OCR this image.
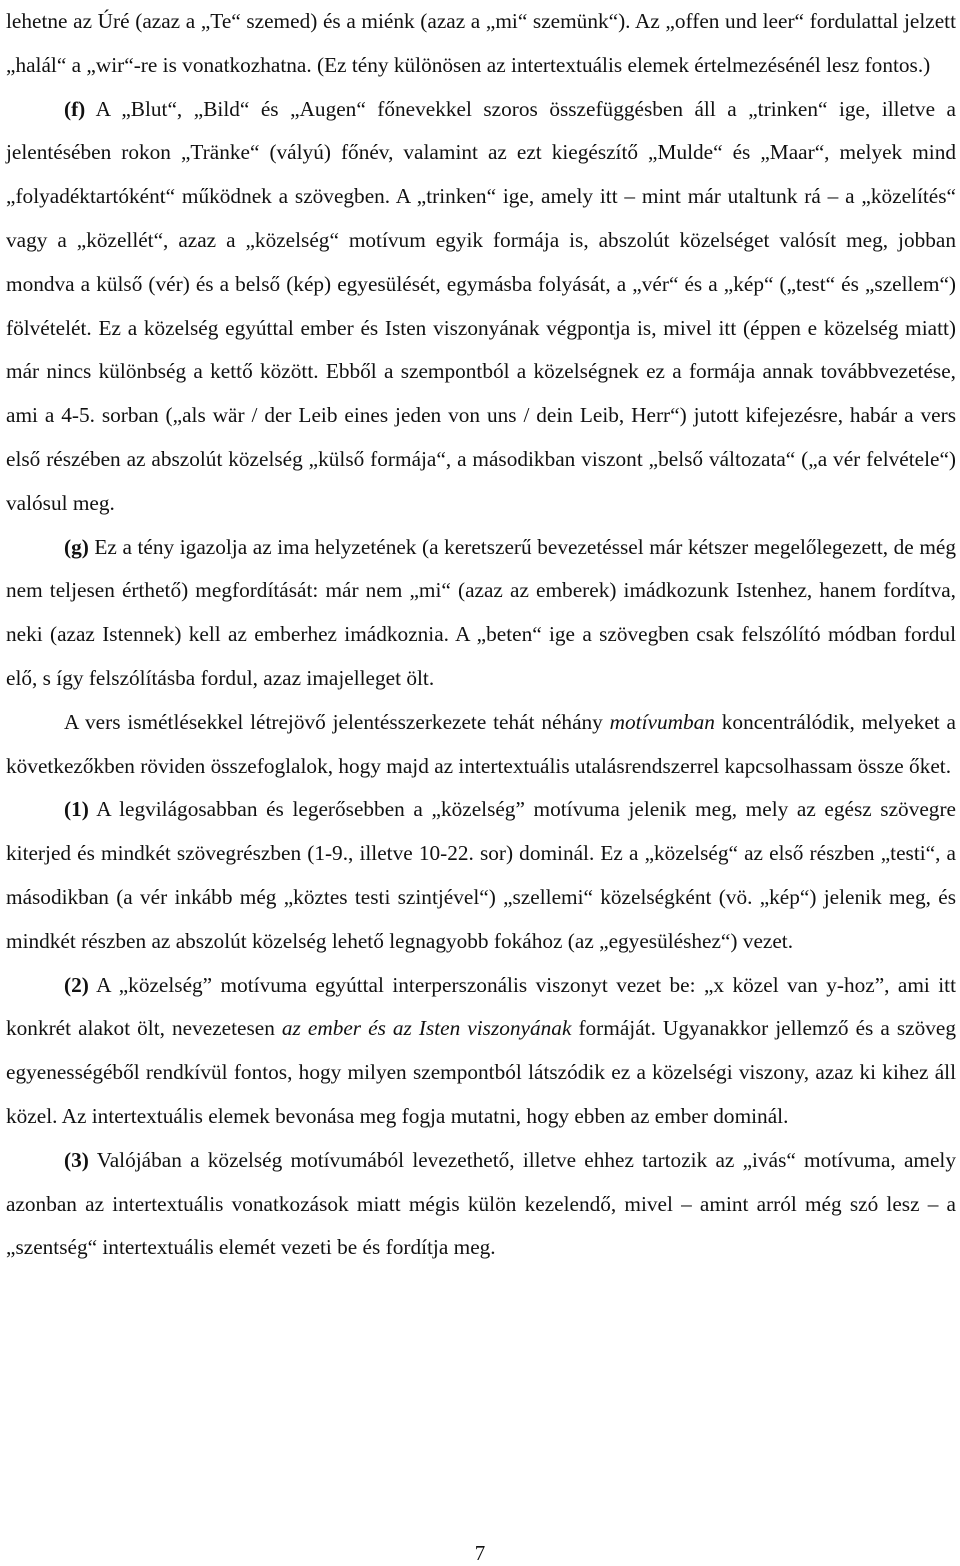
lehetne az Úré (azaz a „Te“ szemed) és a miénk (azaz a „mi“ szemünk“). Az „offen und leer“ fordulattal jelzett „halál“ a „wir“-re is vonatkozhatna. (Ez tény különösen az intertextuális elemek értelmezésénél lesz fontos.)

(f) A „Blut“, „Bild“ és „Augen“ főnevekkel szoros összefüggésben áll a „trinken“ ige, illetve a jelentésében rokon „Tränke“ (vályú) főnév, valamint az ezt kiegészítő „Mulde“ és „Maar“, melyek mind „folyadéktartóként“ működnek a szövegben. A „trinken“ ige, amely itt – mint már utaltunk rá – a „közelítés“ vagy a „közellét“, azaz a „közelség“ motívum egyik formája is, abszolút közelséget valósít meg, jobban mondva a külső (vér) és a belső (kép) egyesülését, egymásba folyását, a „vér“ és a „kép“ („test“ és „szellem“) fölvételét. Ez a közelség egyúttal ember és Isten viszonyának végpontja is, mivel itt (éppen e közelség miatt) már nincs különbség a kettő között. Ebből a szempontból a közelségnek ez a formája annak továbbvezetése, ami a 4-5. sorban („als wär / der Leib eines jeden von uns / dein Leib, Herr“) jutott kifejezésre, habár a vers első részében az abszolút közelség „külső formája“, a másodikban viszont „belső változata“ („a vér felvétele“) valósul meg.

(g) Ez a tény igazolja az ima helyzetének (a keretszerű bevezetéssel már kétszer megelőlegezett, de még nem teljesen érthető) megfordítását: már nem „mi“ (azaz az emberek) imádkozunk Istenhez, hanem fordítva, neki (azaz Istennek) kell az emberhez imádkoznia. A „beten“ ige a szövegben csak felszólító módban fordul elő, s így felszólításba fordul, azaz imajelleget ölt.

A vers ismétlésekkel létrejövő jelentésszerkezete tehát néhány motívumban koncentrálódik, melyeket a következőkben röviden összefoglalok, hogy majd az intertextuális utalásrendszerrel kapcsolhassam össze őket.

(1) A legvilágosabban és legerősebben a „közelség” motívuma jelenik meg, mely az egész szövegre kiterjed és mindkét szövegrészben (1-9., illetve 10-22. sor) dominál. Ez a „közelség“ az első részben „testi“, a másodikban (a vér inkább még „köztes testi szintjével“) „szellemi“ közelségként (vö. „kép“) jelenik meg, és mindkét részben az abszolút közelség lehető legnagyobb fokához (az „egyesüléshez“) vezet.

(2) A „közelség” motívuma egyúttal interperszonális viszonyt vezet be: „x közel van y-hoz”, ami itt konkrét alakot ölt, nevezetesen az ember és az Isten viszonyának formáját. Ugyanakkor jellemző és a szöveg egyenességéből rendkívül fontos, hogy milyen szempontból látszódik ez a közelségi viszony, azaz ki kihez áll közel. Az intertextuális elemek bevonása meg fogja mutatni, hogy ebben az ember dominál.

(3) Valójában a közelség motívumából levezethető, illetve ehhez tartozik az „ivás“ motívuma, amely azonban az intertextuális vonatkozások miatt mégis külön kezelendő, mivel – amint arról még szó lesz – a „szentség“ intertextuális elemét vezeti be és fordítja meg.

7
